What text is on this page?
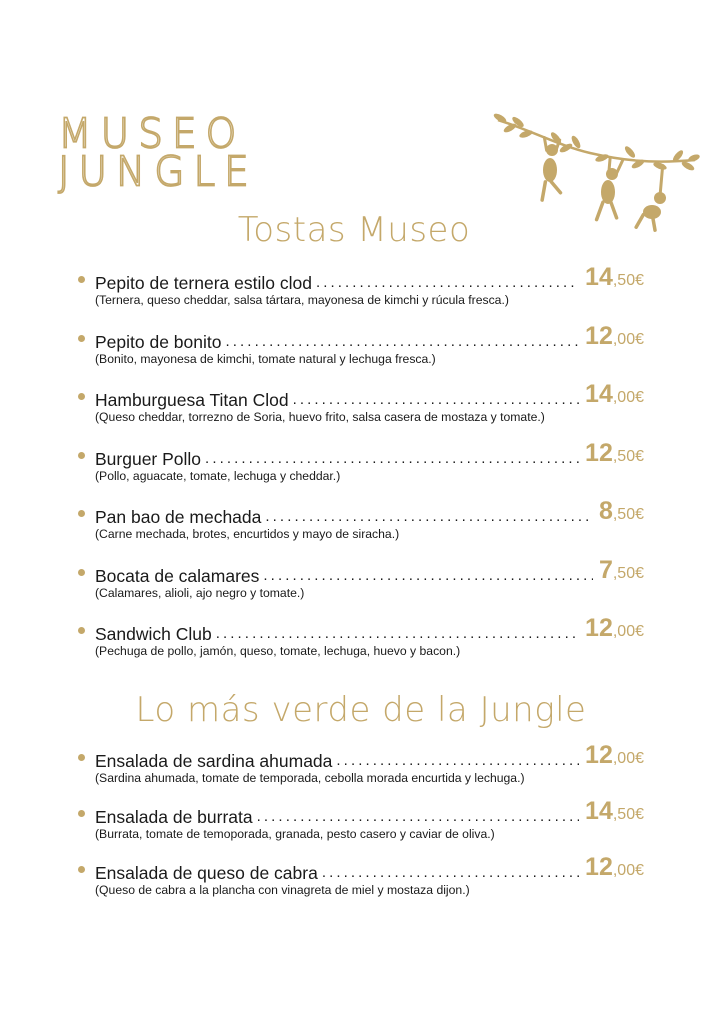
MUSEO
JUNGLE
Tostas Museo
Pepito de ternera estilo clod .....	14,50€
(Ternera, queso cheddar, salsa tártara, mayonesa de kimchi y rúcula fresca.)
Pepito de bonito .....	12,00€
(Bonito, mayonesa de kimchi, tomate natural y lechuga fresca.)
Hamburguesa Titan Clod .....	14,00€
(Queso cheddar, torrezno de Soria, huevo frito, salsa casera de mostaza y tomate.)
Burguer Pollo .....	12,50€
(Pollo, aguacate, tomate, lechuga y cheddar.)
Pan bao de mechada .....	8,50€
(Carne mechada, brotes, encurtidos y mayo de siracha.)
Bocata de calamares .....	7,50€
(Calamares, alioli, ajo negro y tomate.)
Sandwich Club .....	12,00€
(Pechuga de pollo, jamón, queso, tomate, lechuga, huevo y bacon.)
Lo más verde de la Jungle
Ensalada de sardina ahumada .....	12,00€
(Sardina ahumada, tomate de temporada, cebolla morada encurtida y lechuga.)
Ensalada de burrata .....	14,50€
(Burrata, tomate de temoporada, granada, pesto casero y caviar de oliva.)
Ensalada de queso de cabra .....	12,00€
(Queso de cabra a la plancha con vinagreta de miel y mostaza dijon.)
